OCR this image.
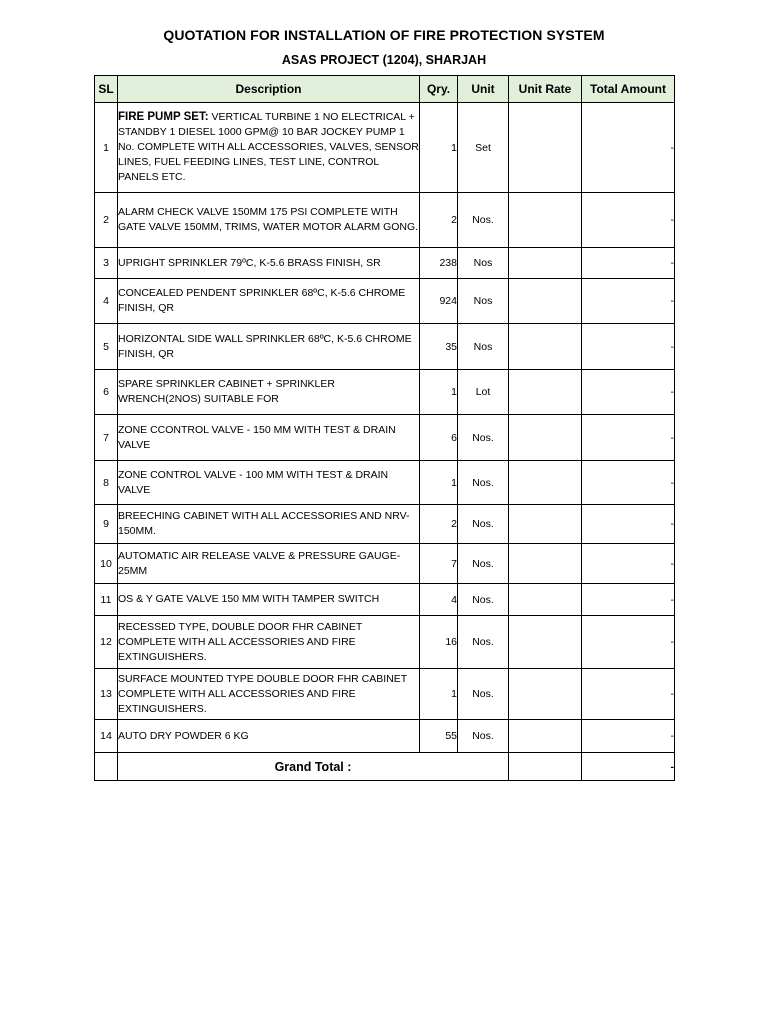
QUOTATION FOR INSTALLATION OF FIRE PROTECTION SYSTEM
ASAS PROJECT (1204), SHARJAH
SL	Description	Qry.	Unit	Unit Rate	Total Amount
1	FIRE PUMP SET: VERTICAL TURBINE 1 NO ELECTRICAL + STANDBY 1 DIESEL 1000 GPM@ 10 BAR JOCKEY PUMP 1 No. COMPLETE WITH ALL ACCESSORIES, VALVES, SENSOR LINES, FUEL FEEDING LINES, TEST LINE, CONTROL PANELS ETC.	1	Set		-
2	ALARM CHECK VALVE 150MM 175 PSI COMPLETE WITH GATE VALVE 150MM, TRIMS, WATER MOTOR ALARM GONG.	2	Nos.		-
3	UPRIGHT SPRINKLER 79ºC, K-5.6 BRASS FINISH, SR	238	Nos		-
4	CONCEALED PENDENT SPRINKLER 68ºC, K-5.6 CHROME FINISH, QR	924	Nos		-
5	HORIZONTAL SIDE WALL SPRINKLER 68ºC, K-5.6 CHROME FINISH, QR	35	Nos		-
6	SPARE SPRINKLER CABINET + SPRINKLER WRENCH(2NOS) SUITABLE FOR	1	Lot		-
7	ZONE CCONTROL VALVE - 150 MM WITH TEST & DRAIN VALVE	6	Nos.		-
8	ZONE CONTROL VALVE - 100 MM WITH TEST & DRAIN VALVE	1	Nos.		-
9	BREECHING CABINET WITH ALL ACCESSORIES AND NRV-150MM.	2	Nos.		-
10	AUTOMATIC AIR RELEASE VALVE & PRESSURE GAUGE-25MM	7	Nos.		-
11	OS & Y GATE VALVE 150 MM WITH TAMPER SWITCH	4	Nos.		-
12	RECESSED TYPE, DOUBLE DOOR FHR CABINET COMPLETE WITH ALL ACCESSORIES AND FIRE EXTINGUISHERS.	16	Nos.		-
13	SURFACE MOUNTED TYPE DOUBLE DOOR FHR CABINET COMPLETE WITH ALL ACCESSORIES AND FIRE EXTINGUISHERS.	1	Nos.		-
14	AUTO DRY POWDER 6 KG	55	Nos.		-
	Grand Total :				-
